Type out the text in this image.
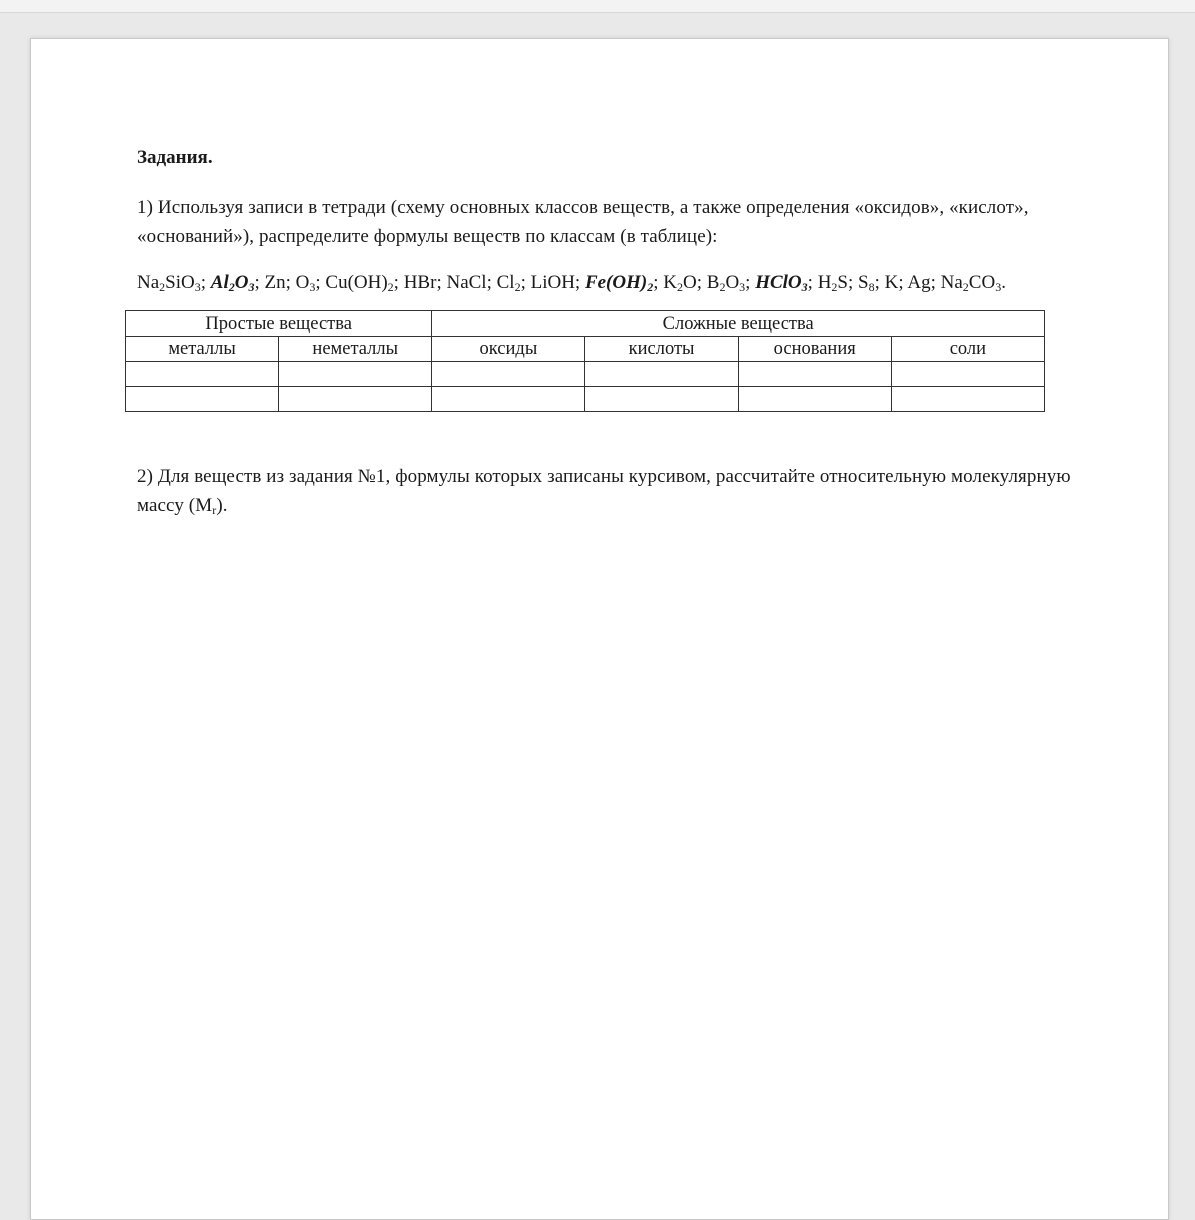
Задания.
1) Используя записи в тетради (схему основных классов веществ, а также определения «оксидов», «кислот», «оснований»), распределите формулы веществ по классам (в таблице):
$Na_2SiO_3$; $Al_2O_3$; Zn; $O_3$; $Cu(OH)_2$; HBr; NaCl; $Cl_2$; LiOH; $Fe(OH)_2$; $K_2O$; $B_2O_3$; HClO$_3$; $H_2S$; $S_8$; K; Ag; $Na_2CO_3$.
Простые вещества		Сложные вещества			
металлы	неметаллы	оксиды	кислоты	основания	соли

2) Для веществ из задания №1, формулы которых записаны курсивом, рассчитайте относительную молекулярную массу $(M_r)$.
